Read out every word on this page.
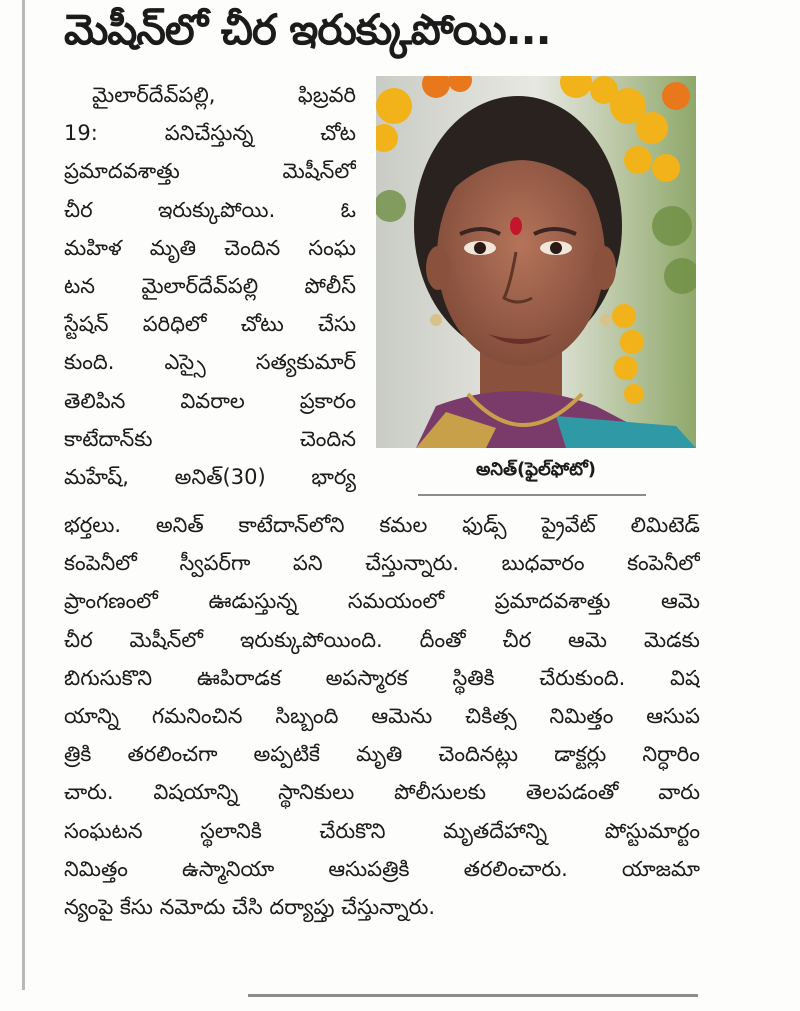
మెషీన్‌లో చీర ఇరుక్కుపోయి...
మైలార్‌దేవ్‌పల్లి,	ఫిబ్రవరి
19:	పనిచేస్తున్న	చోట
ప్రమాదవశాత్తు	మెషీన్‌లో
చీర	ఇరుక్కుపోయి.	ఓ
మహిళ మృతి చెందిన సంఘ
టన మైలార్‌దేవ్‌పల్లి పోలీస్‌
స్టేషన్‌ పరిధిలో చోటు చేసు
కుంది. ఎస్సై సత్యకుమార్‌
తెలిపిన	వివరాల	ప్రకారం
కాటేదాన్‌కు	చెందిన
మహేష్‌, అనిత్‌(30) భార్య	అనిత్‌(ఫైల్‌ఫోటో)
భర్తలు. అనిత్‌ కాటేదాన్‌లోని కమల ఫుడ్స్‌ ప్రైవేట్‌ లిమిటెడ్‌
కంపెనీలో స్వీపర్‌గా పని చేస్తున్నారు. బుధవారం కంపెనీలో
ప్రాంగణంలో ఊడుస్తున్న సమయంలో ప్రమాదవశాత్తు ఆమె
చీర మెషీన్‌లో ఇరుక్కుపోయింది. దీంతో చీర ఆమె మెడకు
బిగుసుకొని ఊపిరాడక అపస్మారక స్థితికి చేరుకుంది. విష
యాన్ని గమనించిన సిబ్బంది ఆమెను చికిత్స నిమిత్తం ఆసుప
త్రికి తరలించగా అప్పటికే మృతి చెందినట్లు డాక్టర్లు నిర్ధారిం
చారు. విషయాన్ని స్థానికులు పోలీసులకు తెలపడంతో వారు
సంఘటన	స్థలానికి	చేరుకొని	మృతదేహాన్ని	పోస్టుమార్టం
నిమిత్తం	ఉస్మానియా	ఆసుపత్రికి	తరలించారు.	యాజమా
న్యంపై కేసు నమోదు చేసి దర్యాప్తు చేస్తున్నారు.
